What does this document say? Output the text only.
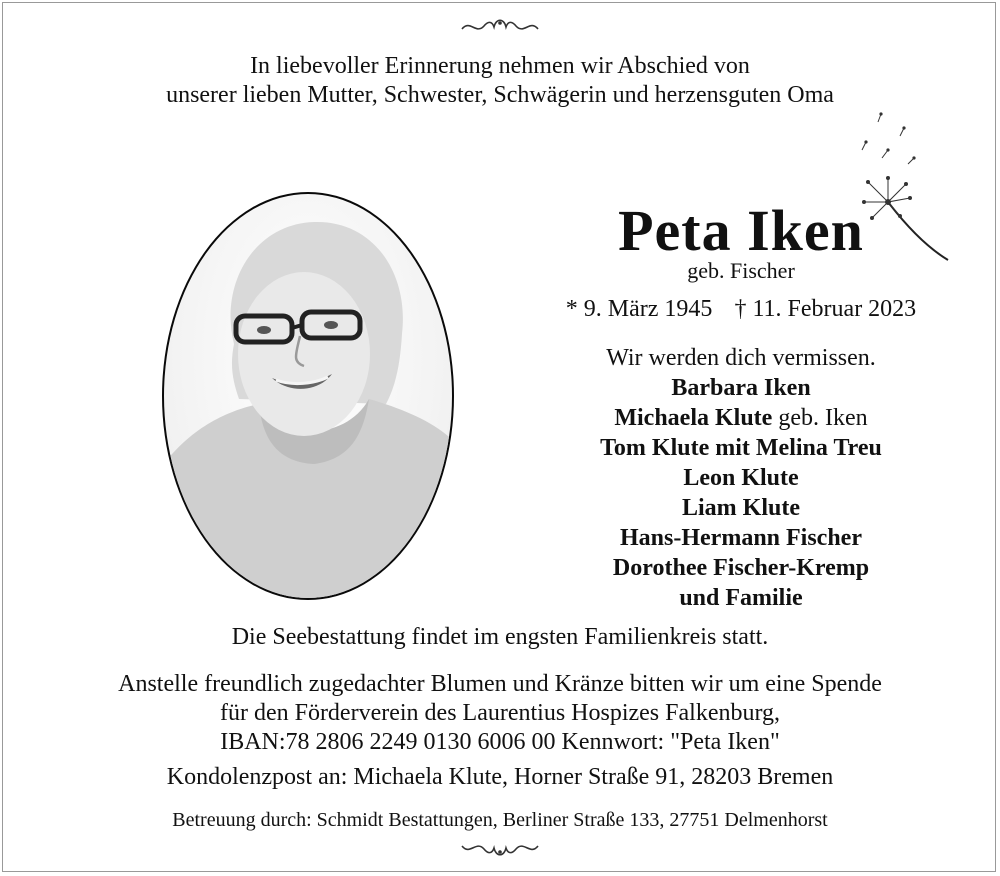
In liebevoller Erinnerung nehmen wir Abschied von
unserer lieben Mutter, Schwester, Schwägerin und herzensguten Oma
Peta Iken
geb. Fischer
* 9. März 1945 † 11. Februar 2023
Wir werden dich vermissen.
Barbara Iken
Michaela Klute geb. Iken
Tom Klute mit Melina Treu
Leon Klute
Liam Klute
Hans-Hermann Fischer
Dorothee Fischer-Kremp
und Familie
Die Seebestattung findet im engsten Familienkreis statt.
Anstelle freundlich zugedachter Blumen und Kränze bitten wir um eine Spende
für den Förderverein des Laurentius Hospizes Falkenburg,
IBAN:78 2806 2249 0130 6006 00 Kennwort: "Peta Iken"
Kondolenzpost an: Michaela Klute, Horner Straße 91, 28203 Bremen
Betreuung durch: Schmidt Bestattungen, Berliner Straße 133, 27751 Delmenhorst
